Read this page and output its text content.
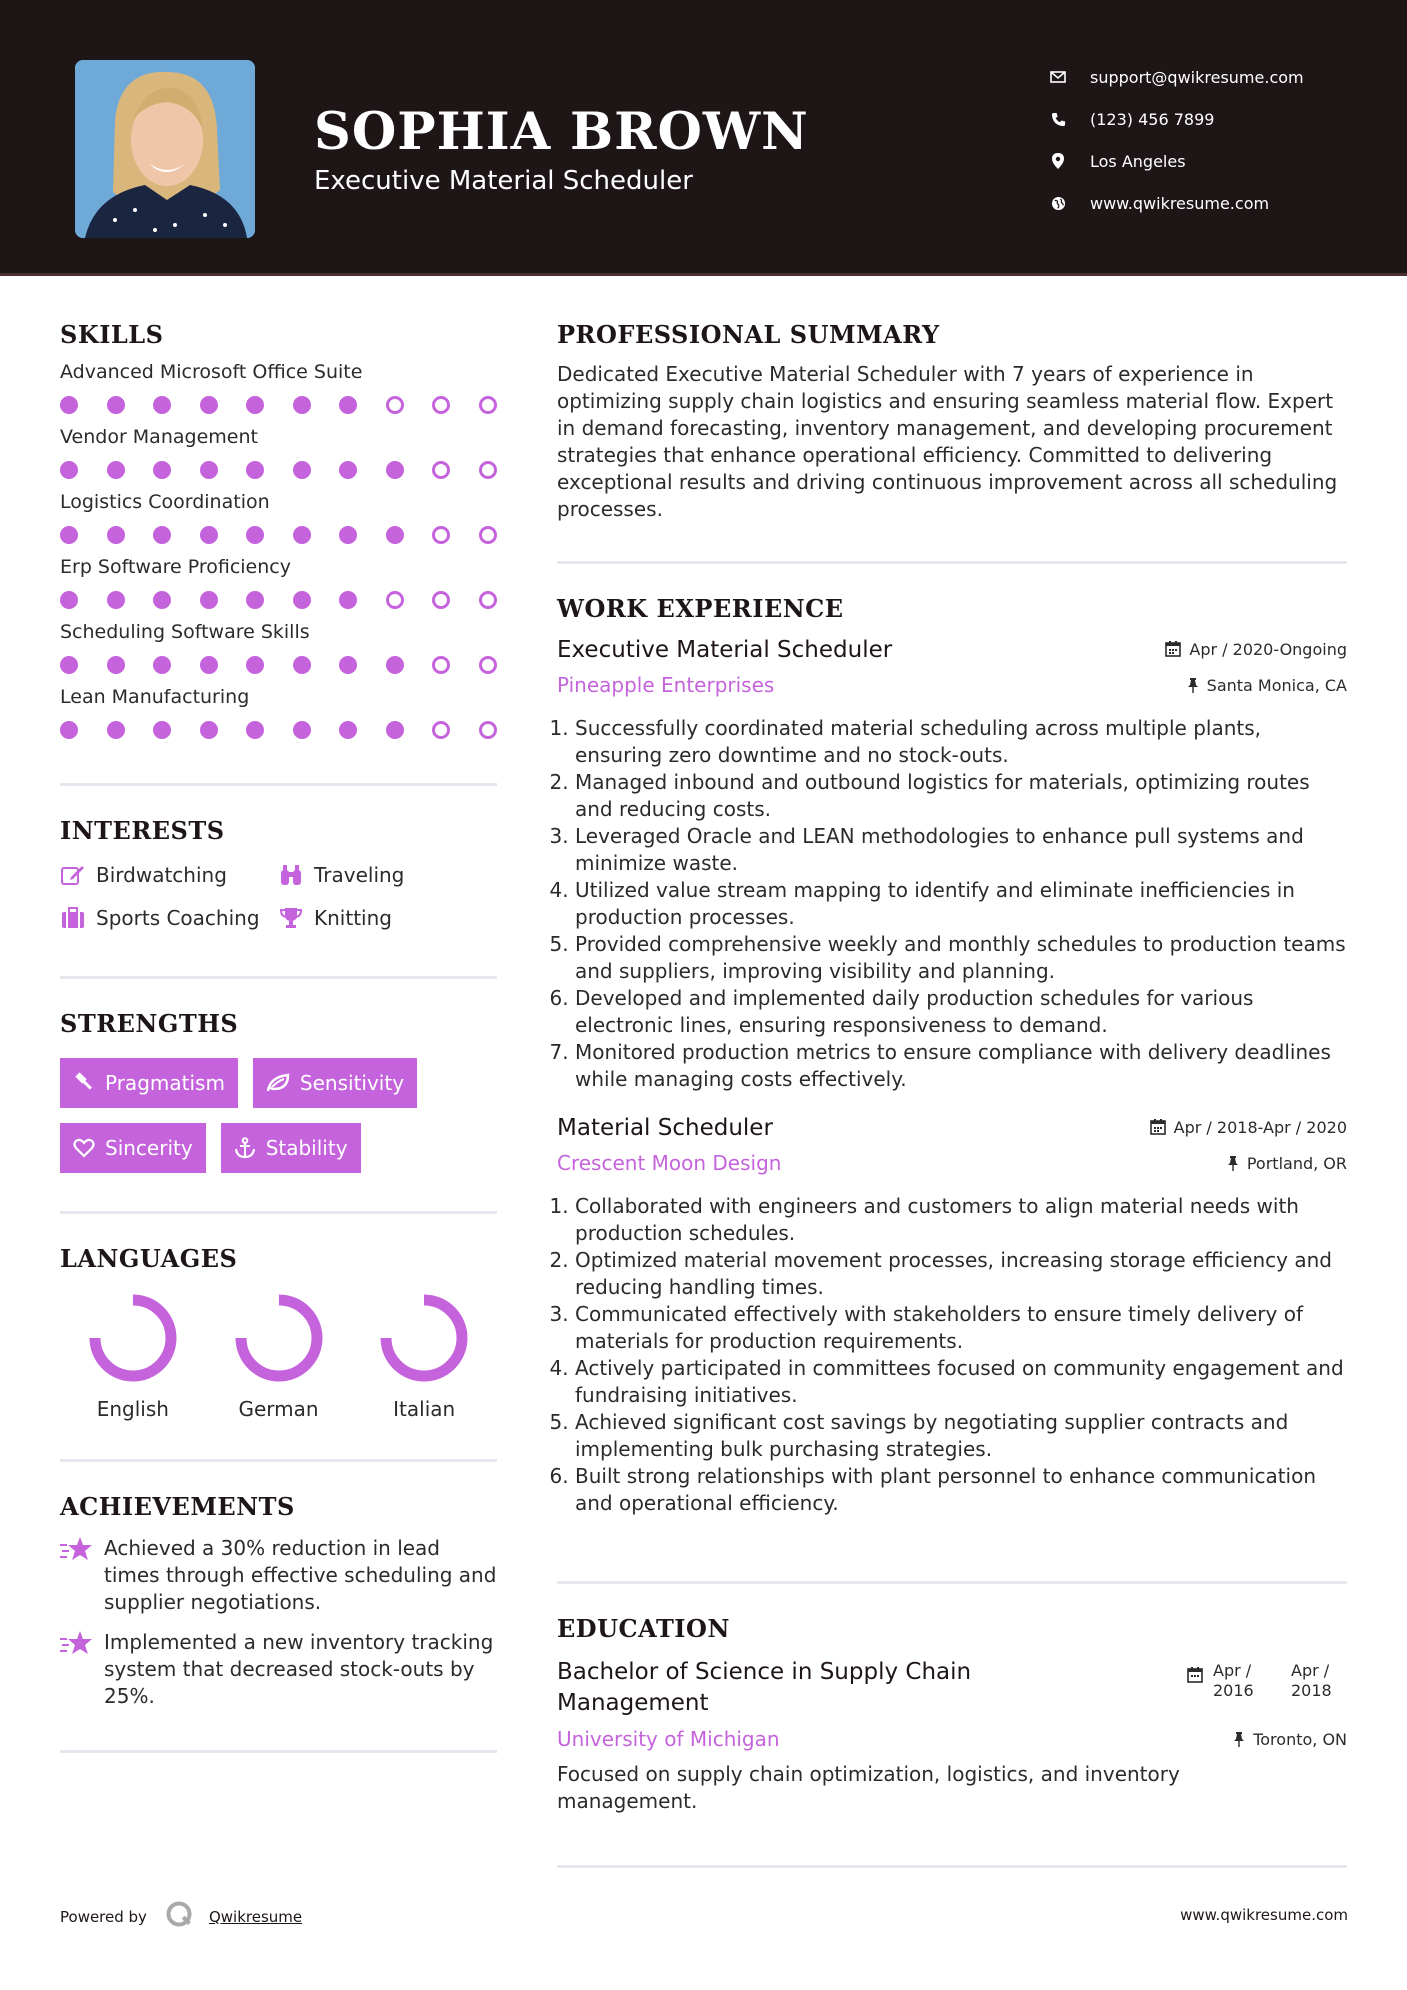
SOPHIA BROWN
Executive Material Scheduler
support@qwikresume.com
(123) 456 7899
Los Angeles
www.qwikresume.com
SKILLS
Advanced Microsoft Office Suite
Vendor Management
Logistics Coordination
Erp Software Proficiency
Scheduling Software Skills
Lean Manufacturing
INTERESTS
Birdwatching	Traveling
Sports Coaching	Knitting
STRENGTHS
Pragmatism	Sensitivity
Sincerity	Stability
LANGUAGES
English	German	Italian
ACHIEVEMENTS
Achieved a 30% reduction in lead times through effective scheduling and supplier negotiations.
Implemented a new inventory tracking system that decreased stock-outs by 25%.
PROFESSIONAL SUMMARY
Dedicated Executive Material Scheduler with 7 years of experience in optimizing supply chain logistics and ensuring seamless material flow. Expert in demand forecasting, inventory management, and developing procurement strategies that enhance operational efficiency. Committed to delivering exceptional results and driving continuous improvement across all scheduling processes.
WORK EXPERIENCE
Executive Material Scheduler	Apr / 2020-Ongoing
Pineapple Enterprises	Santa Monica, CA
1. Successfully coordinated material scheduling across multiple plants, ensuring zero downtime and no stock-outs.
2. Managed inbound and outbound logistics for materials, optimizing routes and reducing costs.
3. Leveraged Oracle and LEAN methodologies to enhance pull systems and minimize waste.
4. Utilized value stream mapping to identify and eliminate inefficiencies in production processes.
5. Provided comprehensive weekly and monthly schedules to production teams and suppliers, improving visibility and planning.
6. Developed and implemented daily production schedules for various electronic lines, ensuring responsiveness to demand.
7. Monitored production metrics to ensure compliance with delivery deadlines while managing costs effectively.
Material Scheduler	Apr / 2018-Apr / 2020
Crescent Moon Design	Portland, OR
1. Collaborated with engineers and customers to align material needs with production schedules.
2. Optimized material movement processes, increasing storage efficiency and reducing handling times.
3. Communicated effectively with stakeholders to ensure timely delivery of materials for production requirements.
4. Actively participated in committees focused on community engagement and fundraising initiatives.
5. Achieved significant cost savings by negotiating supplier contracts and implementing bulk purchasing strategies.
6. Built strong relationships with plant personnel to enhance communication and operational efficiency.
EDUCATION
Bachelor of Science in Supply Chain Management
Apr / 2016
Apr / 2018
University of Michigan	Toronto, ON
Focused on supply chain optimization, logistics, and inventory management.
Powered by	Qwikresume	www.qwikresume.com
